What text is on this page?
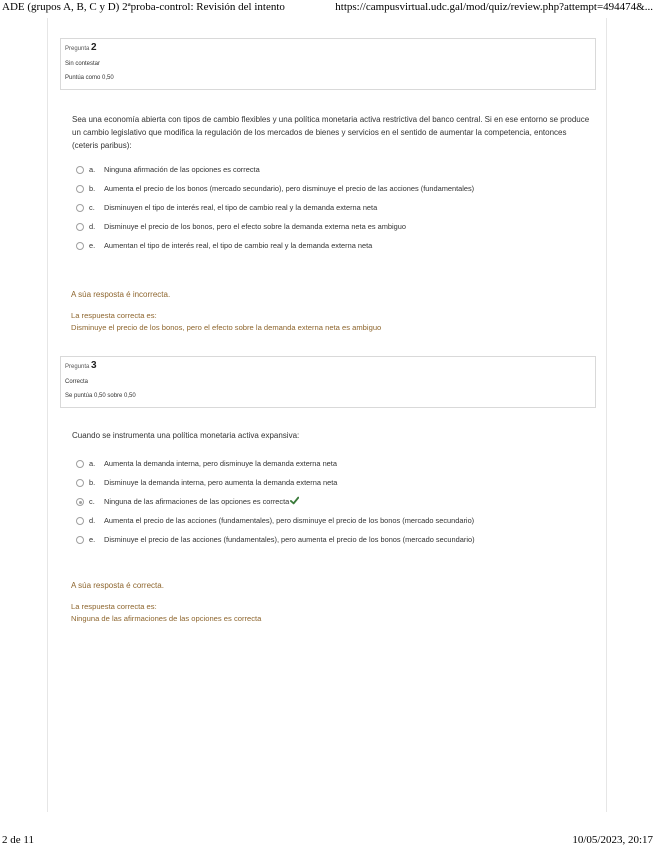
ADE (grupos A, B, C y D) 2ªproba-control: Revisión del intento	https://campusvirtual.udc.gal/mod/quiz/review.php?attempt=494474&...
Pregunta 2
Sin contestar
Puntúa como 0,50
Sea una economía abierta con tipos de cambio flexibles y una política monetaria activa restrictiva del banco central. Si en ese entorno se produce un cambio legislativo que modifica la regulación de los mercados de bienes y servicios en el sentido de aumentar la competencia, entonces (ceteris paribus):
a. Ninguna afirmación de las opciones es correcta
b. Aumenta el precio de los bonos (mercado secundario), pero disminuye el precio de las acciones (fundamentales)
c. Disminuyen el tipo de interés real, el tipo de cambio real y la demanda externa neta
d. Disminuye el precio de los bonos, pero el efecto sobre la demanda externa neta es ambiguo
e. Aumentan el tipo de interés real, el tipo de cambio real y la demanda externa neta
A súa resposta é incorrecta.
La respuesta correcta es:
Disminuye el precio de los bonos, pero el efecto sobre la demanda externa neta es ambiguo
Pregunta 3
Correcta
Se puntúa 0,50 sobre 0,50
Cuando se instrumenta una política monetaria activa expansiva:
a. Aumenta la demanda interna, pero disminuye la demanda externa neta
b. Disminuye la demanda interna, pero aumenta la demanda externa neta
c. Ninguna de las afirmaciones de las opciones es correcta
d. Aumenta el precio de las acciones (fundamentales), pero disminuye el precio de los bonos (mercado secundario)
e. Disminuye el precio de las acciones (fundamentales), pero aumenta el precio de los bonos (mercado secundario)
A súa resposta é correcta.
La respuesta correcta es:
Ninguna de las afirmaciones de las opciones es correcta
2 de 11	10/05/2023, 20:17
